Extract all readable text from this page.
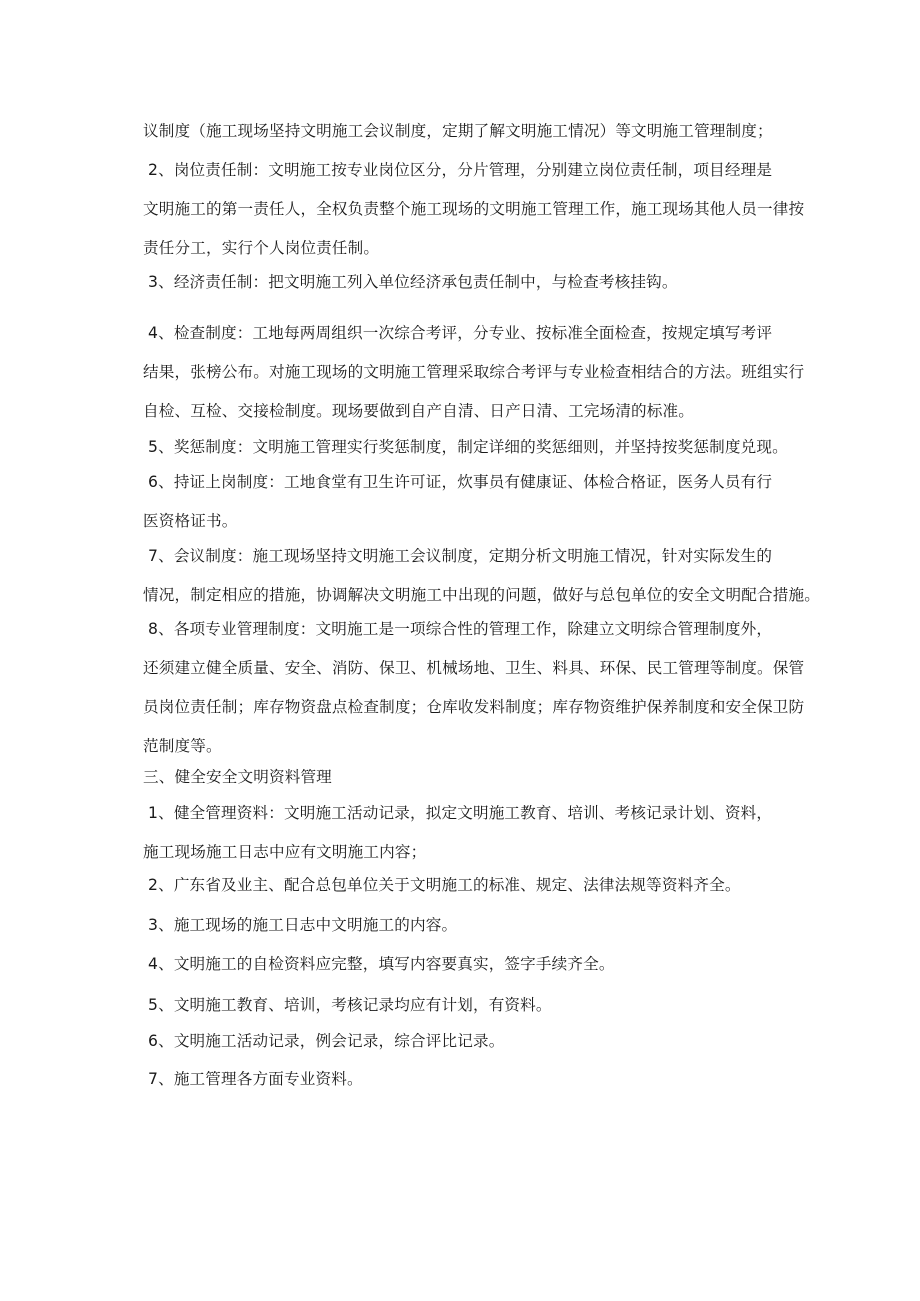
议制度（施工现场坚持文明施工会议制度，定期了解文明施工情况）等文明施工管理制度；
2、岗位责任制：文明施工按专业岗位区分，分片管理，分别建立岗位责任制，项目经理是
文明施工的第一责任人，全权负责整个施工现场的文明施工管理工作，施工现场其他人员一律按
责任分工，实行个人岗位责任制。
3、经济责任制：把文明施工列入单位经济承包责任制中，与检查考核挂钩。
4、检查制度：工地每两周组织一次综合考评，分专业、按标准全面检查，按规定填写考评
结果，张榜公布。对施工现场的文明施工管理采取综合考评与专业检查相结合的方法。班组实行
自检、互检、交接检制度。现场要做到自产自清、日产日清、工完场清的标准。
5、奖惩制度：文明施工管理实行奖惩制度，制定详细的奖惩细则，并坚持按奖惩制度兑现。
6、持证上岗制度：工地食堂有卫生许可证，炊事员有健康证、体检合格证，医务人员有行
医资格证书。
7、会议制度：施工现场坚持文明施工会议制度，定期分析文明施工情况，针对实际发生的
情况，制定相应的措施，协调解决文明施工中出现的问题，做好与总包单位的安全文明配合措施。
8、各项专业管理制度：文明施工是一项综合性的管理工作，除建立文明综合管理制度外，
还须建立健全质量、安全、消防、保卫、机械场地、卫生、料具、环保、民工管理等制度。保管
员岗位责任制；库存物资盘点检查制度；仓库收发料制度；库存物资维护保养制度和安全保卫防
范制度等。
三、健全安全文明资料管理
1、健全管理资料：文明施工活动记录，拟定文明施工教育、培训、考核记录计划、资料，
施工现场施工日志中应有文明施工内容；
2、广东省及业主、配合总包单位关于文明施工的标准、规定、法律法规等资料齐全。
3、施工现场的施工日志中文明施工的内容。
4、文明施工的自检资料应完整，填写内容要真实，签字手续齐全。
5、文明施工教育、培训，考核记录均应有计划，有资料。
6、文明施工活动记录，例会记录，综合评比记录。
7、施工管理各方面专业资料。
